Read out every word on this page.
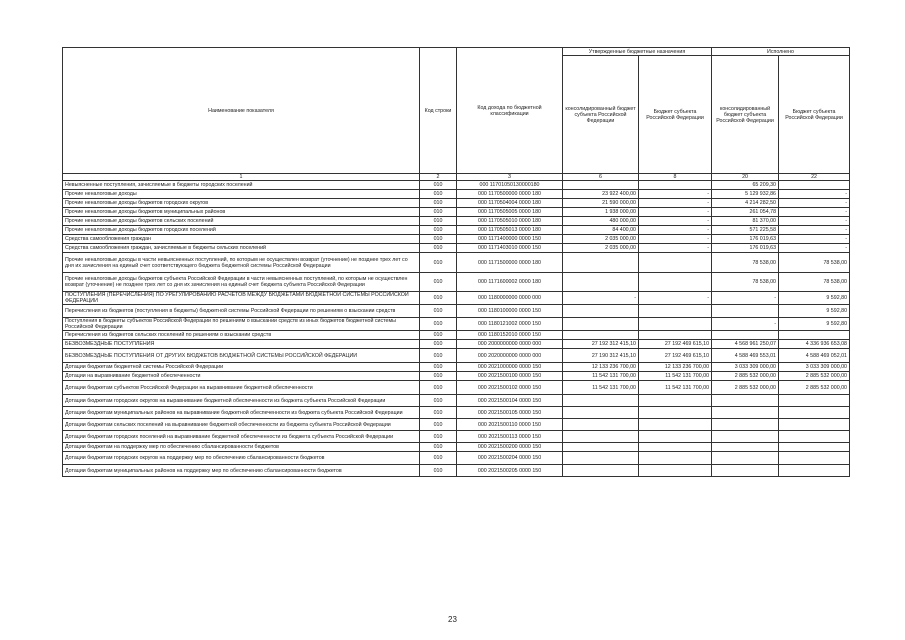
Наименование показателя	Код строки	Код дохода по бюджетной классификации	Утвержденные бюджетные назначения		Исполнено	
			консолидированный бюджет субъекта Российской Федерации	Бюджет субъекта Российской Федерации	консолидированный бюджет субъекта Российской Федерации	Бюджет субъекта Российской Федерации
1	2	3	6	8	20	22
Невыясненные поступления, зачисляемые в бюджеты городских поселений	010	000 11701050130000180			65 209,30	
Прочие неналоговые доходы	010	000 1170500000 0000 180	23 922 400,00	-	5 129 932,86	-
Прочие неналоговые доходы бюджетов городских округов	010	000 1170504004 0000 180	21 590 000,00	-	4 214 282,50	-
Прочие неналоговые доходы бюджетов муниципальных районов	010	000 1170505005 0000 180	1 938 000,00	-	261 054,78	-
Прочие неналоговые доходы бюджетов сельских поселений	010	000 1170505010 0000 180	480 000,00	-	81 370,00	-
Прочие неналоговые доходы бюджетов городских поселений	010	000 1170505013 0000 180	84 400,00	-	571 225,58	-
Средства самообложения граждан	010	000 1171400000 0000 150	2 035 000,00	-	176 019,63	-
Средства самообложения граждан, зачисляемые в бюджеты сельских поселений	010	000 1171403010 0000 150	2 035 000,00	-	176 019,63	-
Прочие неналоговые доходы в части невыясненных поступлений, по которым не осуществлен возврат (уточнение) не позднее трех лет со дня их зачисления на единый счет соответствующего бюджета бюджетной системы Российской Федерации	010	000 1171500000 0000 180			78 538,00	78 538,00
Прочие неналоговые доходы бюджетов субъекта Российской Федерации в части невыясненных поступлений, по которым не осуществлен возврат (уточнение) не позднее трех лет со дня их зачисления на единый счет бюджета субъекта Российской Федерации	010	000 1171600002 0000 180			78 538,00	78 538,00
ПОСТУПЛЕНИЯ (ПЕРЕЧИСЛЕНИЯ) ПО УРЕГУЛИРОВАНИЮ РАСЧЕТОВ МЕЖДУ БЮДЖЕТАМИ БЮДЖЕТНОЙ СИСТЕМЫ РОССИЙСКОЙ ФЕДЕРАЦИИ	010	000 1180000000 0000 000	-	-	-	9 592,80
Перечисления из бюджетов (поступления в бюджеты) бюджетной системы Российской Федерации по решениям о взыскании средств	010	000 1180100000 0000 150				9 592,80
Поступления в бюджеты субъектов Российской Федерации по решениям о взыскании средств из иных бюджетов бюджетной системы Российской Федерации	010	000 1180121002 0000 150			-	9 592,80
Перечисления из бюджетов сельских поселений по решениям о взыскании средств	010	000 1180152010 0000 150				
БЕЗВОЗМЕЗДНЫЕ ПОСТУПЛЕНИЯ	010	000 2000000000 0000 000	27 192 312 415,10	27 192 469 615,10	4 568 961 250,07	4 336 936 653,08
БЕЗВОЗМЕЗДНЫЕ ПОСТУПЛЕНИЯ ОТ ДРУГИХ БЮДЖЕТОВ БЮДЖЕТНОЙ СИСТЕМЫ РОССИЙСКОЙ ФЕДЕРАЦИИ	010	000 2020000000 0000 000	27 190 312 415,10	27 192 469 615,10	4 588 469 553,01	4 588 469 052,01
Дотации бюджетам бюджетной системы Российской Федерации	010	000 2021000000 0000 150	12 133 236 700,00	12 133 236 700,00	3 033 309 000,00	3 033 309 000,00
Дотации на выравнивание бюджетной обеспеченности	010	000 2021500100 0000 150	11 542 131 700,00	11 542 131 700,00	2 885 532 000,00	2 885 532 000,00
Дотации бюджетам субъектов Российской Федерации на выравнивание бюджетной обеспеченности	010	000 2021500102 0000 150	11 542 131 700,00	11 542 131 700,00	2 885 532 000,00	2 885 532 000,00
Дотации бюджетам городских округов на выравнивание бюджетной обеспеченности из бюджета субъекта Российской Федерации	010	000 2021500104 0000 150				
Дотации бюджетам муниципальных районов на выравнивание бюджетной обеспеченности из бюджета субъекта Российской Федерации	010	000 2021500105 0000 150				
Дотации бюджетам сельских поселений на выравнивание бюджетной обеспеченности из бюджета субъекта Российской Федерации	010	000 2021500110 0000 150				
Дотации бюджетам городских поселений на выравнивание бюджетной обеспеченности из бюджета субъекта Российской Федерации	010	000 2021500113 0000 150				
Дотации бюджетам на поддержку мер по обеспечению сбалансированности бюджетов	010	000 2021500200 0000 150				
Дотации бюджетам городских округов на поддержку мер по обеспечению сбалансированности бюджетов	010	000 2021500204 0000 150				
Дотации бюджетам муниципальных районов на поддержку мер по обеспечению сбалансированности бюджетов	010	000 2021500205 0000 150				
23
